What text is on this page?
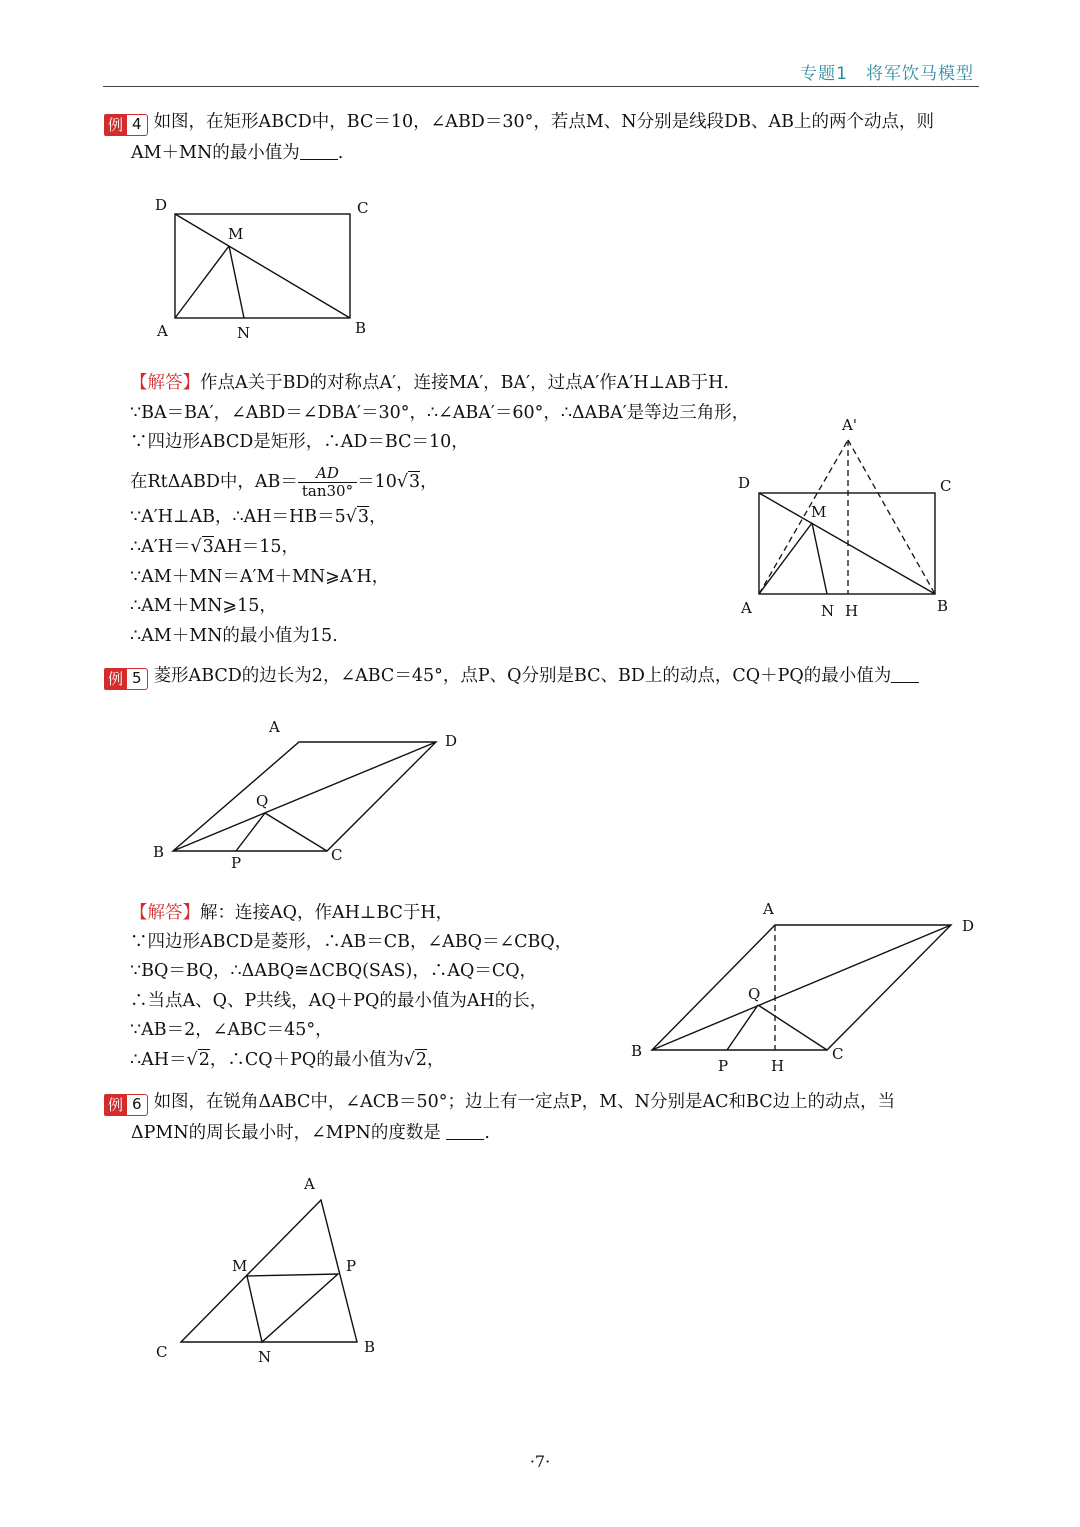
专题1　将军饮马模型
例 4 如图，在矩形ABCD中，BC＝10，∠ABD＝30°，若点M、N分别是线段DB、AB上的两个动点，则
AM＋MN的最小值为 .
D	C
M
A	N	B
【解答】作点A关于BD的对称点A′，连接MA′，BA′，过点A′作A′H⊥AB于H.
∵BA＝BA′，∠ABD＝∠DBA′＝30°，∴∠ABA′＝60°，∴ΔABA′是等边三角形，
∵四边形ABCD是矩形，∴AD＝BC＝10，
在RtΔABD中，$AB= \frac{AD}{\tan 30^\circ} =10√3$，
∵A′H⊥AB，∴AH＝HB＝5√3，
∴A′H＝√3AH＝15，
∵AM＋MN＝A′M＋MN⩾A′H，
∴AM＋MN⩾15，
∴AM＋MN的最小值为15.
A'
D	C
M
A	N H	B
例 5 菱形ABCD的边长为2，∠ABC＝45°，点P、Q分别是BC、BD上的动点，CQ＋PQ的最小值为
A
D
Q
B
P	C
【解答】解：连接AQ，作AH⊥BC于H，
∵四边形ABCD是菱形，∴AB＝CB，∠ABQ＝∠CBQ，
∵BQ＝BQ，∴ΔABQ≅ΔCBQ(SAS)，∴AQ＝CQ，
∴当点A、Q、P共线，AQ＋PQ的最小值为AH的长，
∵AB＝2，∠ABC＝45°，
∴AH＝√2，∴CQ＋PQ的最小值为√2，
A
D
Q
B
P	H
C
例 6 如图，在锐角ΔABC中，∠ACB＝50°；边上有一定点P，M、N分别是AC和BC边上的动点，当
ΔPMN的周长最小时，∠MPN的度数是 .
A
M	P
C	N
B
·7·
